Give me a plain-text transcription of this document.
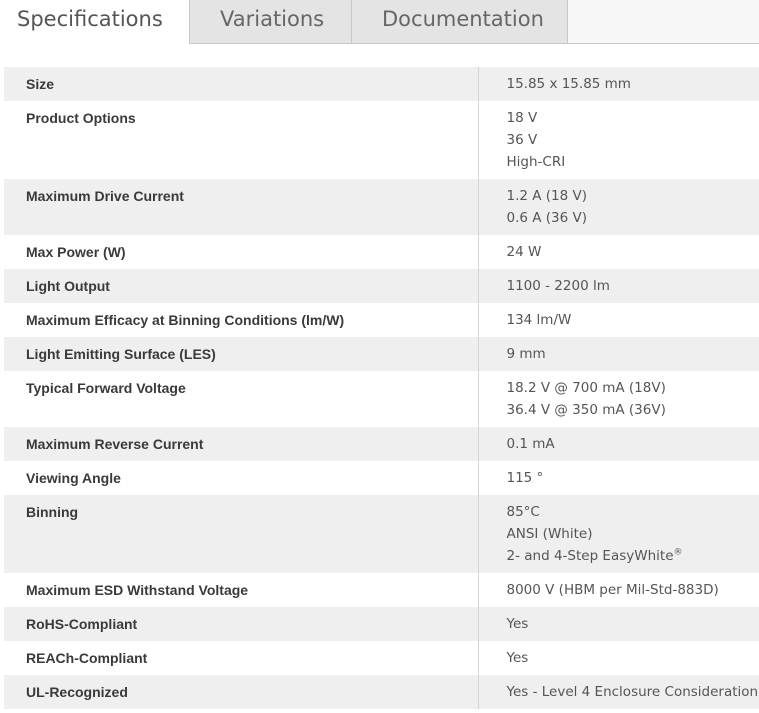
Specifications	Variations	Documentation
Size	15.85 x 15.85 mm

Product Options	18 V
36 V
High-CRI

Maximum Drive Current	1.2 A (18 V)
0.6 A (36 V)

Max Power (W)	24 W

Light Output	1100 - 2200 lm

Maximum Efficacy at Binning Conditions (lm/W)	134 lm/W

Light Emitting Surface (LES)	9 mm

Typical Forward Voltage	18.2 V @ 700 mA (18V)
36.4 V @ 350 mA (36V)

Maximum Reverse Current	0.1 mA

Viewing Angle	115 °

Binning	85°C
ANSI (White)
2- and 4-Step EasyWhite®

Maximum ESD Withstand Voltage	8000 V (HBM per Mil-Std-883D)

RoHS-Compliant	Yes

REACh-Compliant	Yes

UL-Recognized	Yes - Level 4 Enclosure Consideration
